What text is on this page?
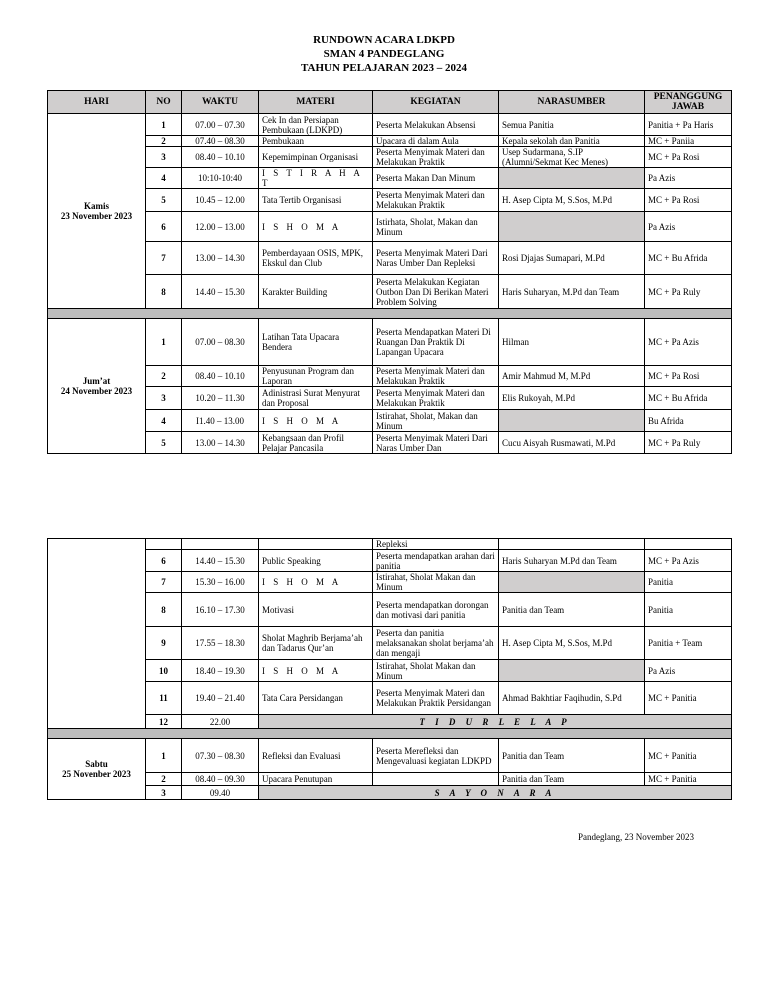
RUNDOWN ACARA LDKPD
SMAN 4 PANDEGLANG
TAHUN PELAJARAN 2023 – 2024
HARI	NO	WAKTU	MATERI	KEGIATAN	NARASUMBER	PENANGGUNG JAWAB

Kamis
23 November 2023	1	07.00 – 07.30	Cek In dan Persiapan Pembukaan (LDKPD)	Peserta Melakukan Absensi	Semua Panitia	Panitia + Pa Haris
	2	07.40 – 08.30	Pembukaan	Upacara di dalam Aula	Kepala sekolah dan Panitia	MC + Paniia
	3	08.40 – 10.10	Kepemimpinan Organisasi	Peserta Menyimak Materi dan Melakukan Praktik	Usep Sudarmana, S.IP (Alumni/Sekmat Kec Menes)	MC + Pa Rosi
	4	10:10-10:40	I S T I R A H A T	Peserta Makan Dan Minum		Pa Azis
	5	10.45 – 12.00	Tata Tertib Organisasi	Peserta Menyimak Materi dan Melakukan Praktik	H. Asep Cipta M, S.Sos, M.Pd	MC + Pa Rosi
	6	12.00 – 13.00	I S H O M A	Istirhata, Sholat, Makan dan Minum		Pa Azis
	7	13.00 – 14.30	Pemberdayaan OSIS, MPK, Ekskul dan Club	Peserta Menyimak Materi Dari Naras Umber Dan Repleksi	Rosi Djajas Sumapari, M.Pd	MC + Bu Afrida
	8	14.40 – 15.30	Karakter Building	Peserta Melakukan Kegiatan Outbon Dan Di Berikan Materi Problem Solving	Haris Suharyan, M.Pd dan Team	MC + Pa Ruly

Jum’at
24 November 2023	1	07.00 – 08.30	Latihan Tata Upacara Bendera	Peserta Mendapatkan Materi Di Ruangan Dan Praktik Di Lapangan Upacara	Hilman	MC + Pa Azis
	2	08.40 – 10.10	Penyusunan Program dan Laporan	Peserta Menyimak Materi dan Melakukan Praktik	Amir Mahmud M, M.Pd	MC + Pa Rosi
	3	10.20 – 11.30	Adinistrasi Surat Menyurat dan Proposal	Peserta Menyimak Materi dan Melakukan Praktik	Elis Rukoyah, M.Pd	MC + Bu Afrida
	4	I1.40 – 13.00	I S H O M A	Istirahat, Sholat, Makan dan Minum		Bu Afrida
	5	13.00 – 14.30	Kebangsaan dan Profil Pelajar Pancasila	Peserta Menyimak Materi Dari Naras Umber Dan	Cucu Aisyah Rusmawati, M.Pd	MC + Pa Ruly
				Repleksi		
	6	14.40 – 15.30	Public Speaking	Peserta mendapatkan arahan dari panitia	Haris Suharyan M.Pd dan Team	MC + Pa Azis
	7	15.30 – 16.00	I S H O M A	Istirahat, Sholat Makan dan Minum		Panitia
	8	16.10 – 17.30	Motivasi	Peserta mendapatkan dorongan dan motivasi dari panitia	Panitia dan Team	Panitia
	9	17.55 – 18.30	Sholat Maghrib Berjama’ah dan Tadarus Qur’an	Peserta dan panitia melaksanakan sholat berjama’ah dan mengaji	H. Asep Cipta M, S.Sos, M.Pd	Panitia + Team
	10	18.40 – 19.30	I S H O M A	Istirahat, Sholat Makan dan Minum		Pa Azis
	11	19.40 – 21.40	Tata Cara Persidangan	Peserta Menyimak Materi dan Melakukan Praktik Persidangan	Ahmad Bakhtiar Faqihudin, S.Pd	MC + Panitia
	12	22.00	T I D U R L E L A P			

Sabtu
25 Novenber 2023	1	07.30 – 08.30	Refleksi dan Evaluasi	Peserta Merefleksi dan Mengevaluasi kegiatan LDKPD	Panitia dan Team	MC + Panitia
	2	08.40 – 09.30	Upacara Penutupan		Panitia dan Team	MC + Panitia
	3	09.40	S A Y O N A R A			
Pandeglang, 23 November 2023
